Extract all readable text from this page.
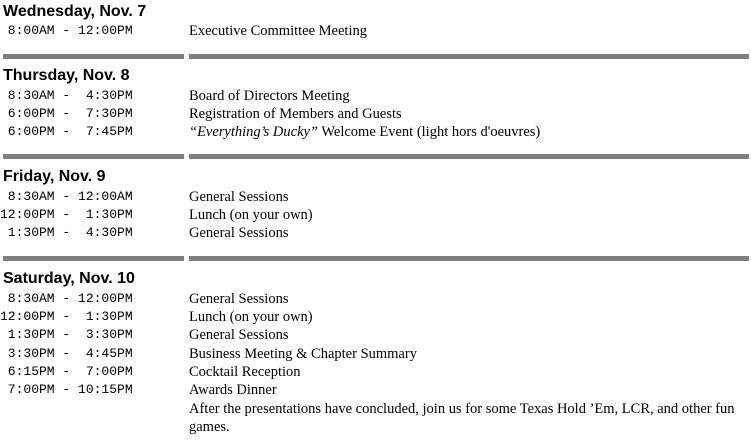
Wednesday, Nov. 7
8:00AM - 12:00PM	Executive Committee Meeting
Thursday, Nov. 8
8:30AM -  4:30PM	Board of Directors Meeting
6:00PM -  7:30PM	Registration of Members and Guests
6:00PM -  7:45PM	“Everything’s Ducky” Welcome Event (light hors d'oeuvres)
Friday, Nov. 9
8:30AM - 12:00AM	General Sessions
12:00PM -  1:30PM	Lunch (on your own)
1:30PM -  4:30PM	General Sessions
Saturday, Nov. 10
8:30AM - 12:00PM	General Sessions
12:00PM -  1:30PM	Lunch (on your own)
1:30PM -  3:30PM	General Sessions
3:30PM -  4:45PM	Business Meeting & Chapter Summary
6:15PM -  7:00PM	Cocktail Reception
7:00PM - 10:15PM	Awards Dinner
After the presentations have concluded, join us for some Texas Hold ’Em, LCR, and other fun games.
